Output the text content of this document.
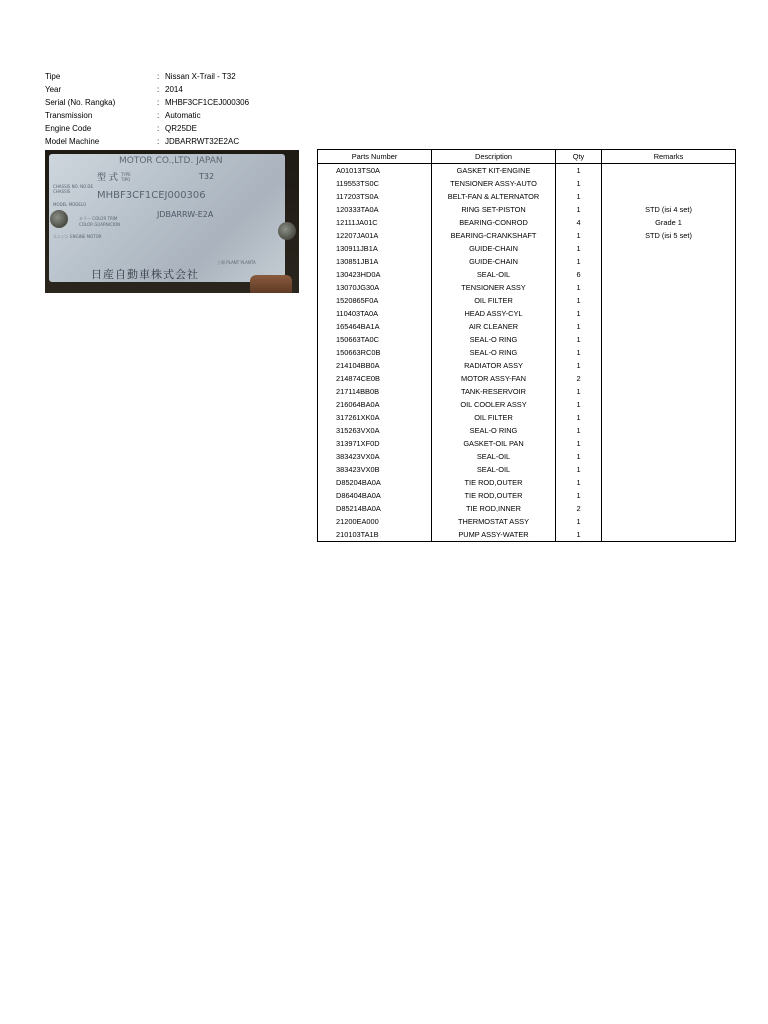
Tipe	: Nissan X-Trail - T32
Year	: 2014
Serial (No. Rangka)	: MHBF3CF1CEJ000306
Transmission	: Automatic
Engine Code	: QR25DE
Model Machine	: JDBARRWT32E2AC
MOTOR CO.,LTD. JAPAN
型 式 TYPE TIPO	T32
CHASSIS NO. NO.DE CHASSIS	MHBF3CF1CEJ000306
MODEL MODELO
JDBARRW-E2A
カラー COLOR TRIM
COLOR GUARNICION
エンジン ENGINE MOTOR
工場 PLANT PLANTA
日産自動車株式会社
Parts Number	Description	Qty	Remarks
A01013TS0A	GASKET KIT-ENGINE	1	
119553TS0C	TENSIONER ASSY-AUTO	1	
117203TS0A	BELT-FAN & ALTERNATOR	1	
120333TA0A	RING SET-PISTON	1	STD (isi 4 set)
12111JA01C	BEARING-CONROD	4	Grade 1
12207JA01A	BEARING-CRANKSHAFT	1	STD (isi 5 set)
130911JB1A	GUIDE-CHAIN	1	
130851JB1A	GUIDE-CHAIN	1	
130423HD0A	SEAL-OIL	6	
13070JG30A	TENSIONER ASSY	1	
1520865F0A	OIL FILTER	1	
110403TA0A	HEAD ASSY-CYL	1	
165464BA1A	AIR CLEANER	1	
150663TA0C	SEAL-O RING	1	
150663RC0B	SEAL-O RING	1	
214104BB0A	RADIATOR ASSY	1	
214874CE0B	MOTOR ASSY-FAN	2	
217114BB0B	TANK-RESERVOIR	1	
216064BA0A	OIL COOLER ASSY	1	
317261XK0A	OIL FILTER	1	
315263VX0A	SEAL-O RING	1	
313971XF0D	GASKET-OIL PAN	1	
383423VX0A	SEAL-OIL	1	
383423VX0B	SEAL-OIL	1	
D85204BA0A	TIE ROD,OUTER	1	
D86404BA0A	TIE ROD,OUTER	1	
D85214BA0A	TIE ROD,INNER	2	
21200EA000	THERMOSTAT ASSY	1	
210103TA1B	PUMP ASSY-WATER	1	
